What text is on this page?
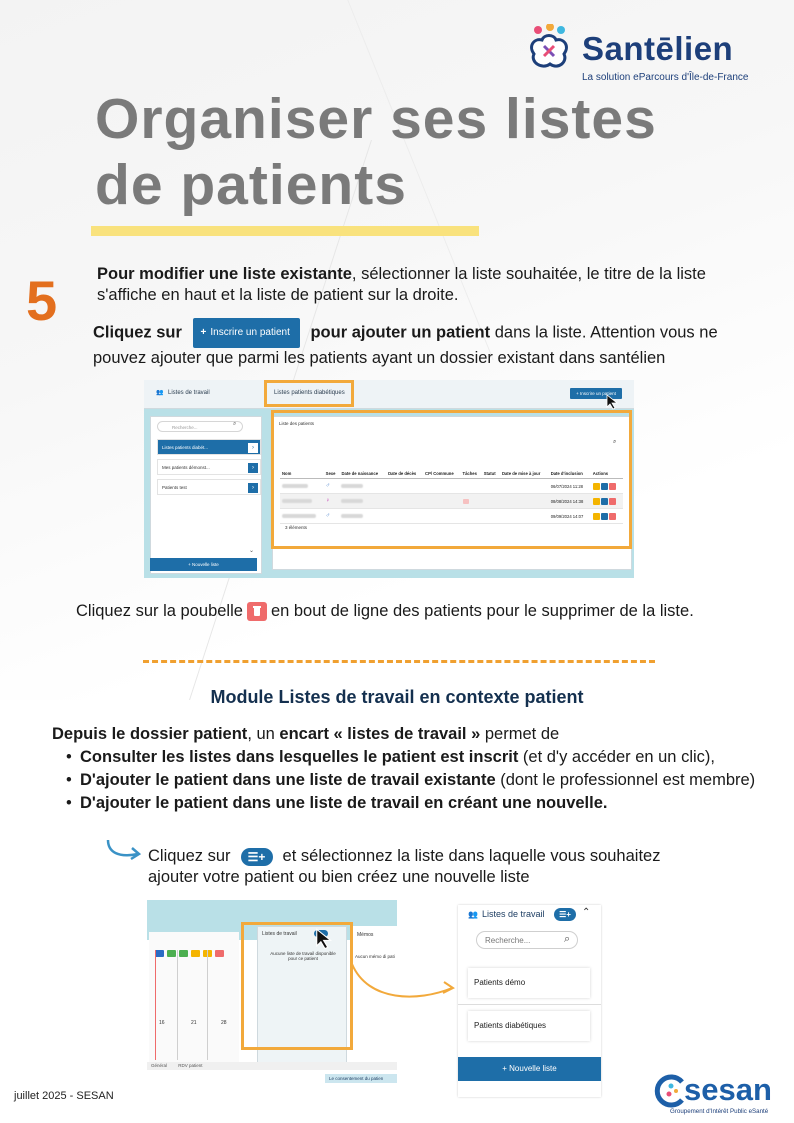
Santēlien
La solution eParcours d'Île-de-France
Organiser ses listes
de patients
5 Pour modifier une liste existante, sélectionner la liste souhaitée, le titre de la liste s'affiche en haut et la liste de patient sur la droite.
Cliquez sur + Inscrire un patient pour ajouter un patient dans la liste. Attention vous ne pouvez ajouter que parmi les patients ayant un dossier existant dans santélien
👥 Listes de travail	Listes patients diabétiques	+ Inscrire un patient
Recherche...
⌕
Listes patients diabét...	›
Mes patients démonst...	›
Patients test	›
⌄
+ Nouvelle liste
Liste des patients
⌕
3 éléments
Nom	Sexe	Date de naissance	Date de décès	CP/ Commune	Tâches	Statut	Date de mise à jour	Date d'inclusion	Actions
	♂							06/07/2024 11:28	
	♀							08/08/2024 14:38	
	♂							09/09/2024 14:07	
Cliquez sur la poubelle en bout de ligne des patients pour le supprimer de la liste.
Module Listes de travail en contexte patient
Depuis le dossier patient, un encart « listes de travail » permet de
• Consulter les listes dans lesquelles le patient est inscrit (et d'y accéder en un clic),
• D'ajouter le patient dans une liste de travail existante (dont le professionnel est membre)
• D'ajouter le patient dans une liste de travail en créant une nouvelle.
Cliquez sur ☰+ et sélectionnez la liste dans laquelle vous souhaitez ajouter votre patient ou bien créez une nouvelle liste
16	21	28
Listes de travail
Aucune liste de travail disponible pour ce patient
Mémos
Aucun mémo di pati
Général	RDV patient
Le consentement du patien
👥 Listes de travail	☰+	⌃
Recherche...	⌕
Patients démo
Patients diabétiques
+ Nouvelle liste
juillet 2025 - SESAN	sesan
Groupement d'Intérêt Public eSanté
